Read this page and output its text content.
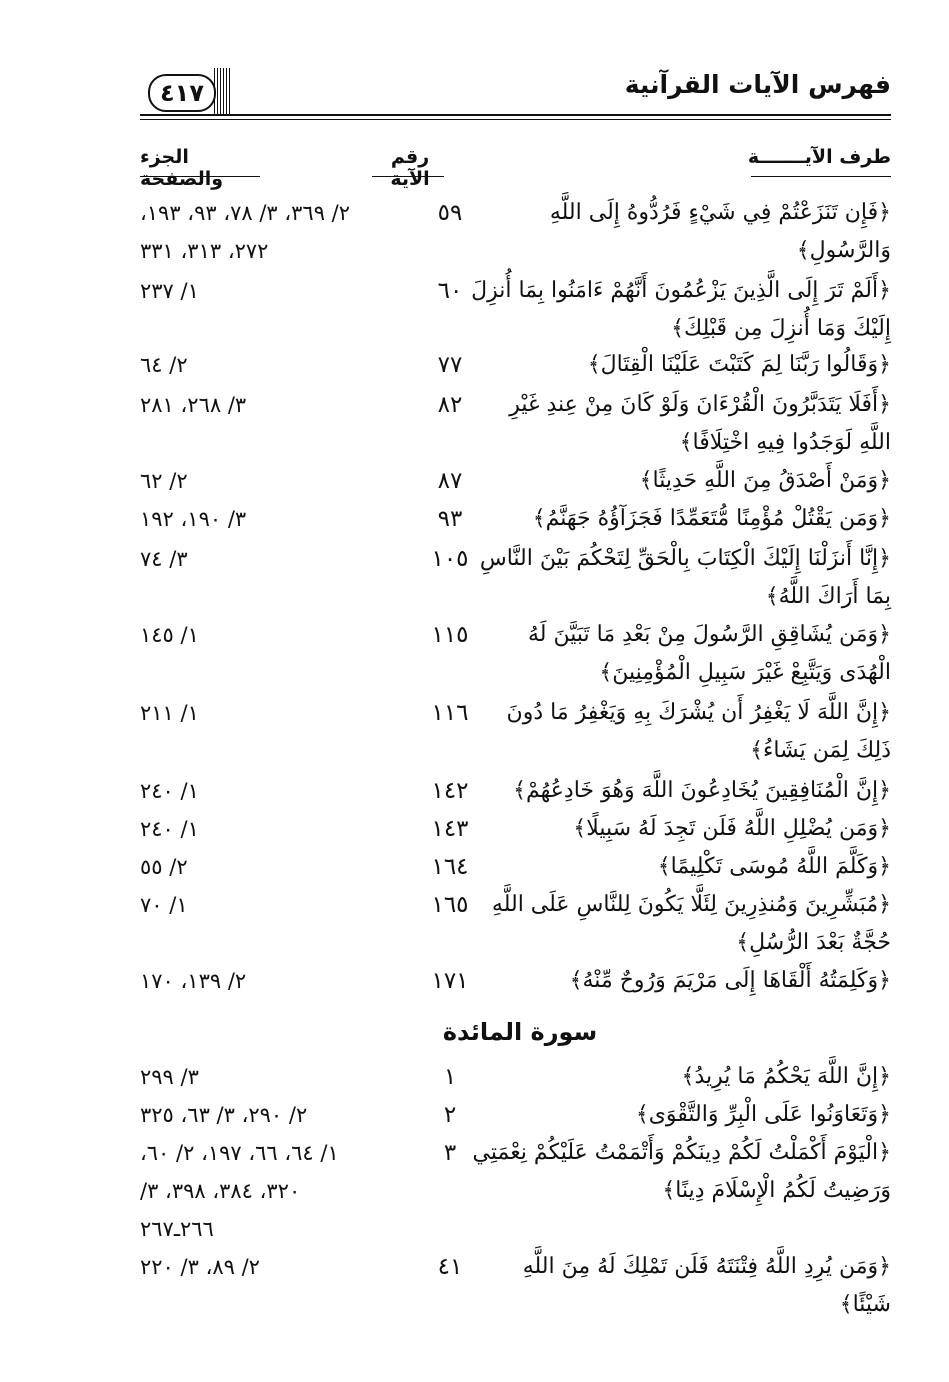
فهرس الآيات القرآنية
٤١٧
طرف الآيـــــــة
رقم الآية
الجزء والصفحة
﴿فَإِن تَنَزَعْتُمْ فِي شَيْءٍ فَرُدُّوهُ إِلَى اللَّهِ وَالرَّسُولِ﴾
٥٩
٢/ ٣٦٩، ٣/ ٧٨، ٩٣، ١٩٣، ٢٧٢، ٣١٣، ٣٣١
﴿أَلَمْ تَرَ إِلَى الَّذِينَ يَزْعُمُونَ أَنَّهُمْ ءَامَنُوا بِمَا أُنزِلَ إِلَيْكَ وَمَا أُنزِلَ مِن قَبْلِكَ﴾
٦٠
١/ ٢٣٧
﴿وَقَالُوا رَبَّنَا لِمَ كَتَبْتَ عَلَيْنَا الْقِتَالَ﴾
٧٧
٢/ ٦٤
﴿أَفَلَا يَتَدَبَّرُونَ الْقُرْءَانَ وَلَوْ كَانَ مِنْ عِندِ غَيْرِ اللَّهِ لَوَجَدُوا فِيهِ اخْتِلَافًا﴾
٨٢
٣/ ٢٦٨، ٢٨١
﴿وَمَنْ أَصْدَقُ مِنَ اللَّهِ حَدِيثًا﴾
٨٧
٢/ ٦٢
﴿وَمَن يَقْتُلْ مُؤْمِنًا مُّتَعَمِّدًا فَجَزَآؤُهُ جَهَنَّمُ﴾
٩٣
٣/ ١٩٠، ١٩٢
﴿إِنَّا أَنزَلْنَا إِلَيْكَ الْكِتَابَ بِالْحَقِّ لِتَحْكُمَ بَيْنَ النَّاسِ بِمَا أَرَاكَ اللَّهُ﴾
١٠٥
٣/ ٧٤
﴿وَمَن يُشَاقِقِ الرَّسُولَ مِنْ بَعْدِ مَا تَبَيَّنَ لَهُ الْهُدَى وَيَتَّبِعْ غَيْرَ سَبِيلِ الْمُؤْمِنِينَ﴾
١١٥
١/ ١٤٥
﴿إِنَّ اللَّهَ لَا يَغْفِرُ أَن يُشْرَكَ بِهِ وَيَغْفِرُ مَا دُونَ ذَلِكَ لِمَن يَشَاءُ﴾
١١٦
١/ ٢١١
﴿إِنَّ الْمُنَافِقِينَ يُخَادِعُونَ اللَّهَ وَهُوَ خَادِعُهُمْ﴾
١٤٢
١/ ٢٤٠
﴿وَمَن يُضْلِلِ اللَّهُ فَلَن تَجِدَ لَهُ سَبِيلًا﴾
١٤٣
١/ ٢٤٠
﴿وَكَلَّمَ اللَّهُ مُوسَى تَكْلِيمًا﴾
١٦٤
٢/ ٥٥
﴿مُبَشِّرِينَ وَمُنذِرِينَ لِئَلَّا يَكُونَ لِلنَّاسِ عَلَى اللَّهِ حُجَّةٌ بَعْدَ الرُّسُلِ﴾
١٦٥
١/ ٧٠
﴿وَكَلِمَتُهُ أَلْقَاهَا إِلَى مَرْيَمَ وَرُوحٌ مِّنْهُ﴾
١٧١
٢/ ١٣٩، ١٧٠
سورة المائدة
﴿إِنَّ اللَّهَ يَحْكُمُ مَا يُرِيدُ﴾
١
٣/ ٢٩٩
﴿وَتَعَاوَنُوا عَلَى الْبِرِّ وَالتَّقْوَى﴾
٢
٢/ ٢٩٠، ٣/ ٦٣، ٣٢٥
﴿الْيَوْمَ أَكْمَلْتُ لَكُمْ دِينَكُمْ وَأَتْمَمْتُ عَلَيْكُمْ نِعْمَتِي وَرَضِيتُ لَكُمُ الْإِسْلَامَ دِينًا﴾
٣
١/ ٦٤، ٦٦، ١٩٧، ٢/ ٦٠، ٣٢٠، ٣٨٤، ٣٩٨، ٣/ ٢٦٦ـ٢٦٧
﴿وَمَن يُرِدِ اللَّهُ فِتْنَتَهُ فَلَن تَمْلِكَ لَهُ مِنَ اللَّهِ شَيْئًا﴾
٤١
٢/ ٨٩، ٣/ ٢٢٠
